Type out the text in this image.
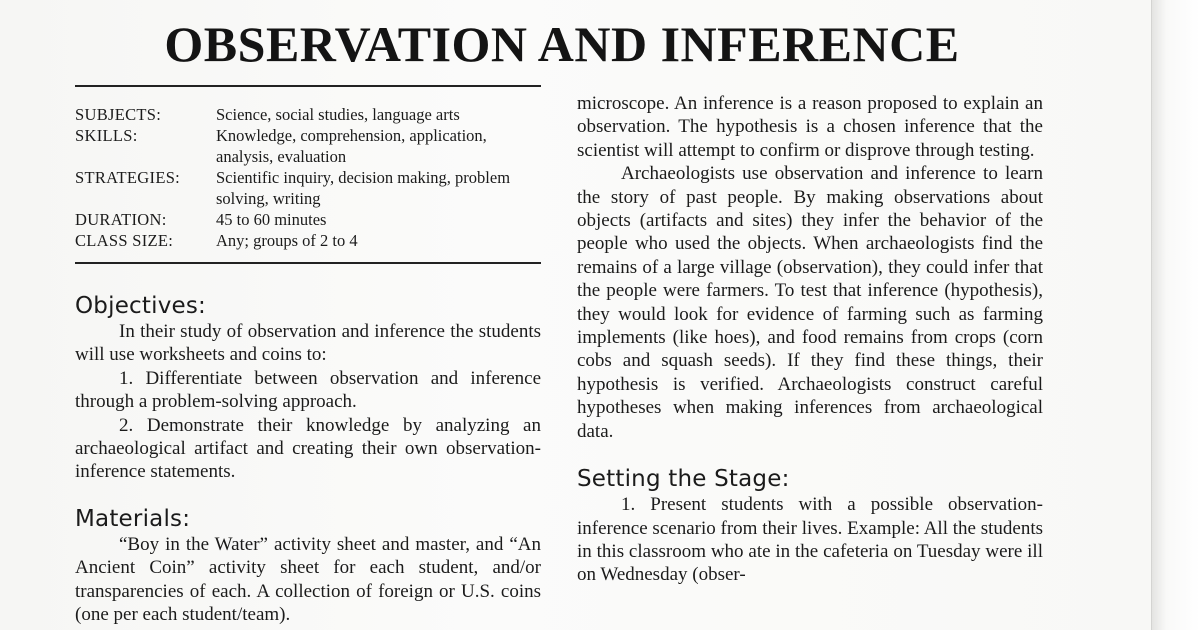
OBSERVATION AND INFERENCE
SUBJECTS:	Science, social studies, language arts
SKILLS:	Knowledge, comprehension, application, analysis, evaluation
STRATEGIES:	Scientific inquiry, decision making, problem solving, writing
DURATION:	45 to 60 minutes
CLASS SIZE:	Any; groups of 2 to 4
Objectives:

In their study of observation and inference the students will use worksheets and coins to:

1. Differentiate between observation and inference through a problem-solving approach.

2. Demonstrate their knowledge by analyzing an archaeological artifact and creating their own observation-inference statements.

Materials:

“Boy in the Water” activity sheet and master, and “An Ancient Coin” activity sheet for each student, and/or transparencies of each. A collection of foreign or U.S. coins (one per each student/team).

microscope. An inference is a reason proposed to explain an observation. The hypothesis is a chosen inference that the scientist will attempt to confirm or disprove through testing.

Archaeologists use observation and inference to learn the story of past people. By making observations about objects (artifacts and sites) they infer the behavior of the people who used the objects. When archaeologists find the remains of a large village (observation), they could infer that the people were farmers. To test that inference (hypothesis), they would look for evidence of farming such as farming implements (like hoes), and food remains from crops (corn cobs and squash seeds). If they find these things, their hypothesis is verified. Archaeologists construct careful hypotheses when making inferences from archaeological data.

Setting the Stage:

1. Present students with a possible observation-inference scenario from their lives. Example: All the students in this classroom who ate in the cafeteria on Tuesday were ill on Wednesday (obser-
